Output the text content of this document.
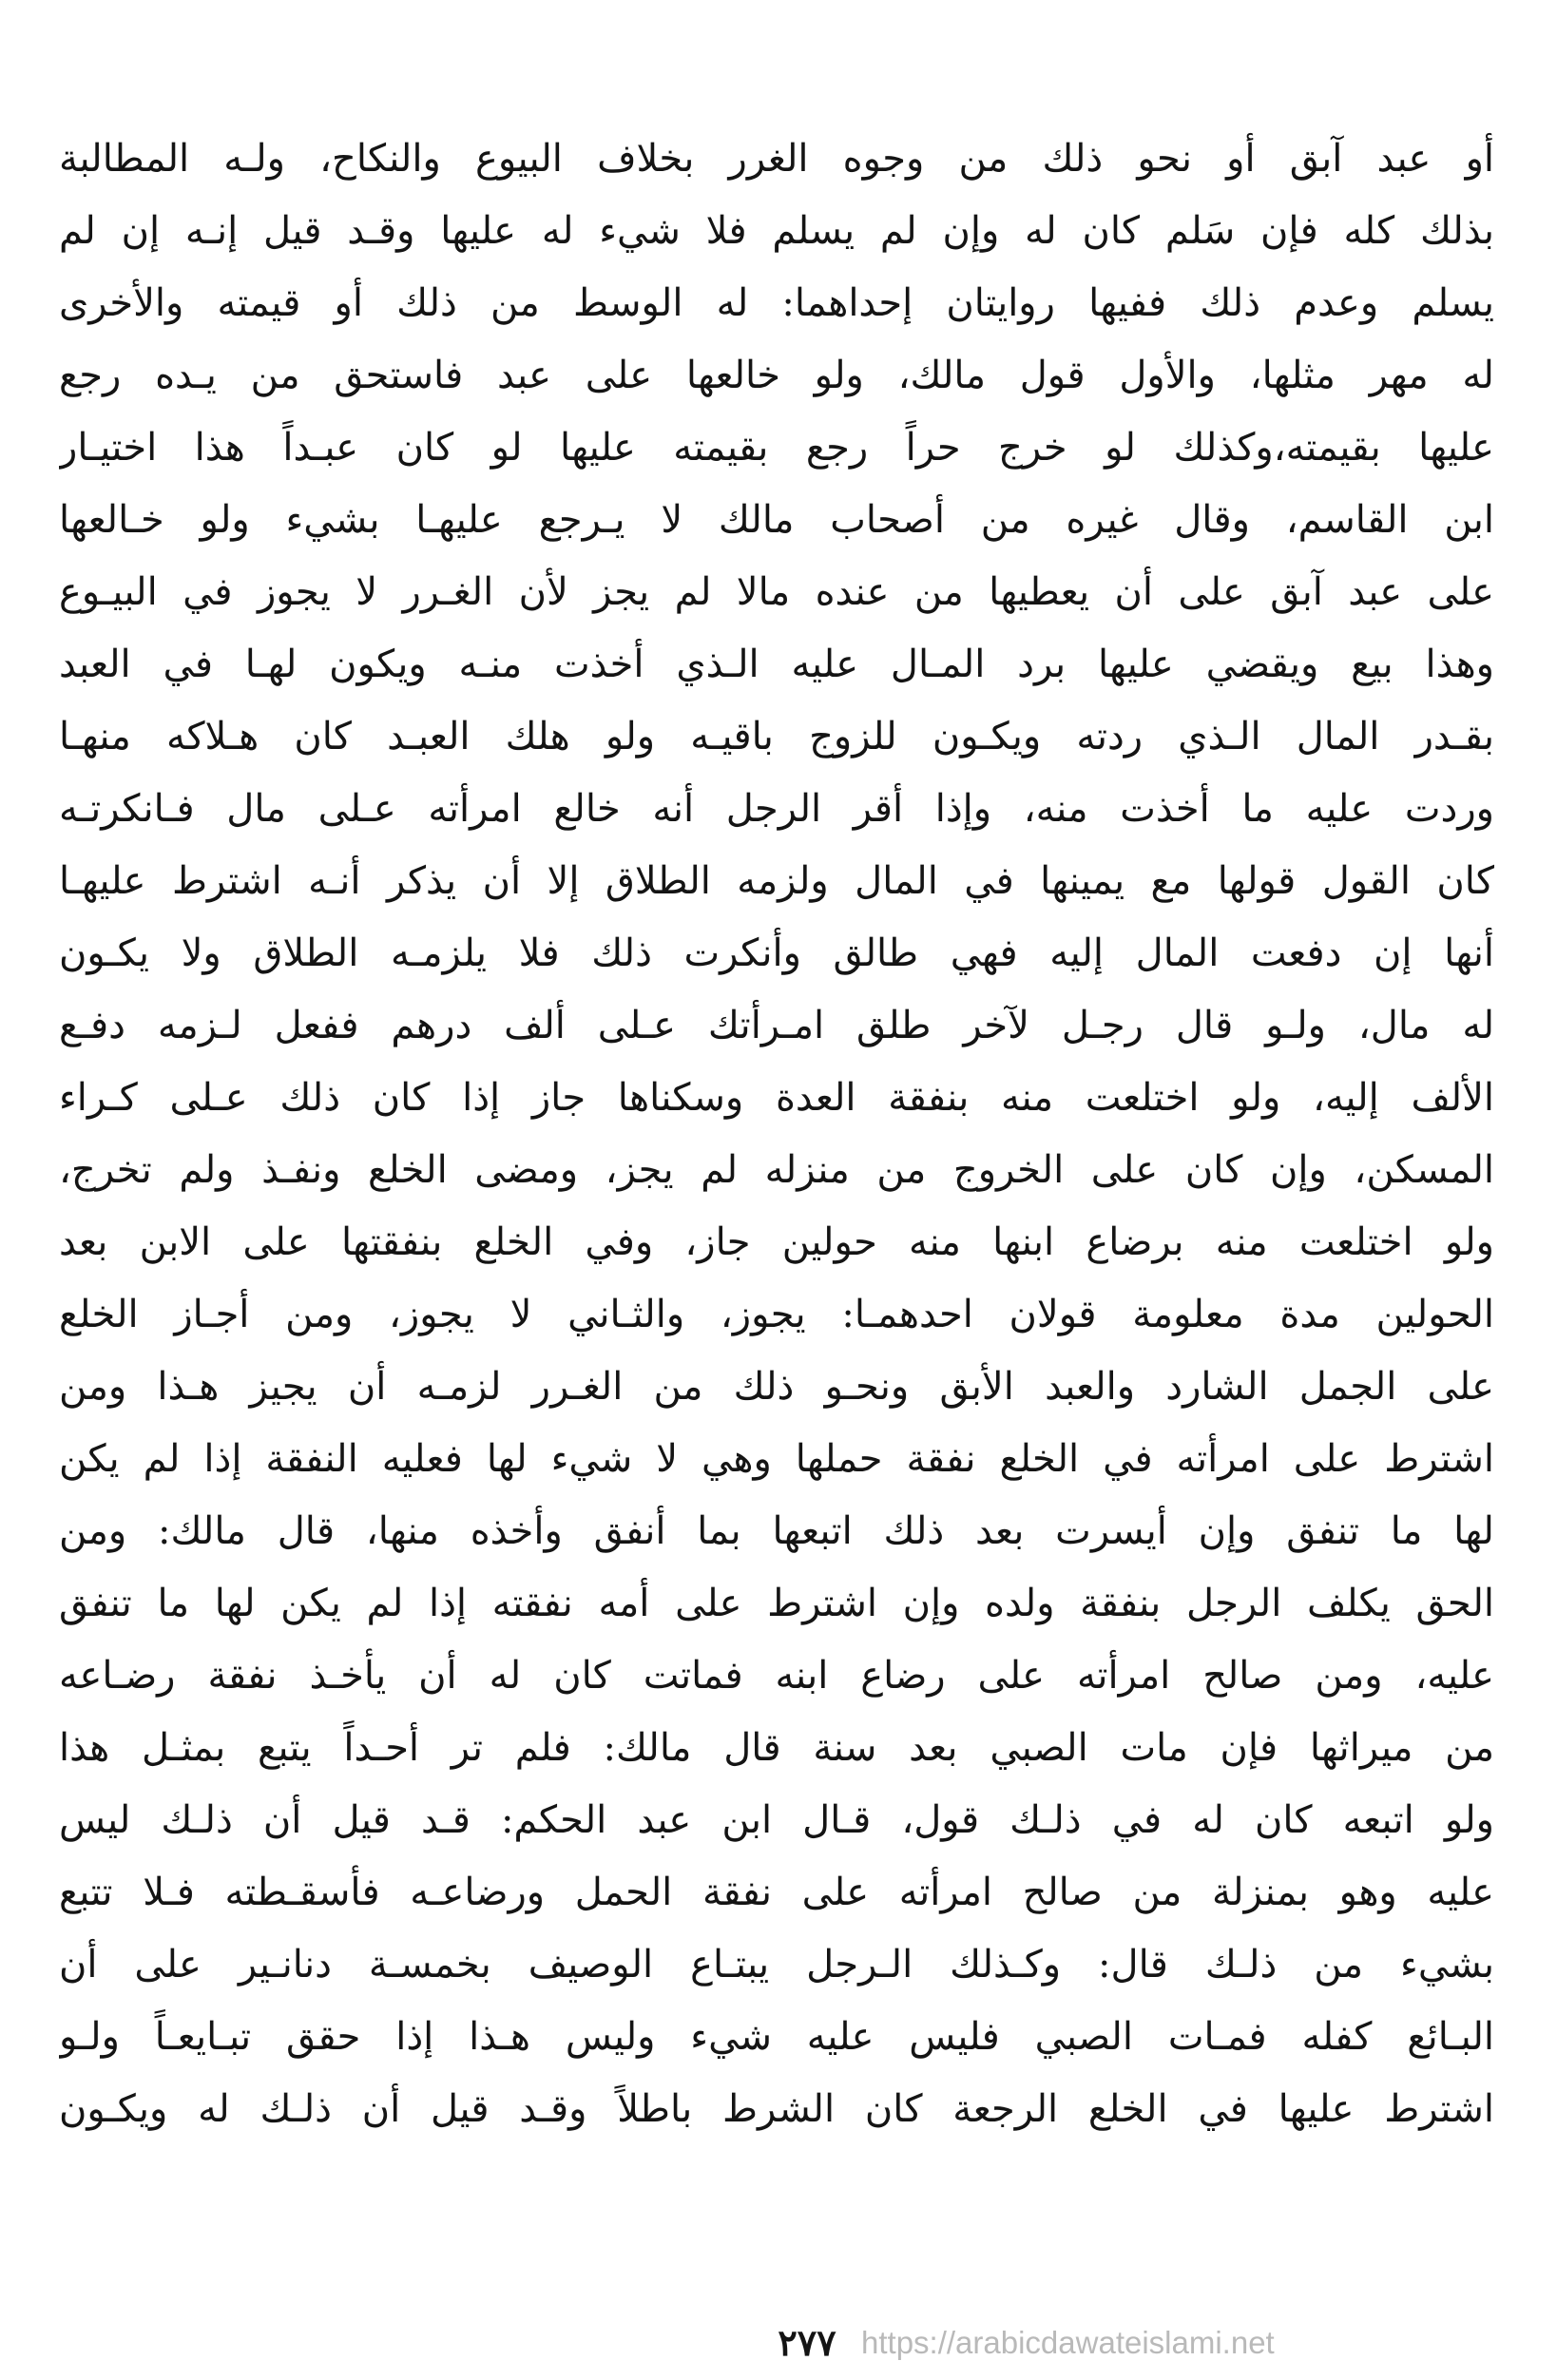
أو عبد آبق أو نحو ذلك من وجوه الغرر بخلاف البيوع والنكاح، ولـه المطالبة
بذلك كله فإن سَلم كان له وإن لم يسلم فلا شيء له عليها وقـد قيل إنـه إن لم
يسلم وعدم ذلك ففيها روايتان إحداهما: له الوسط من ذلك أو قيمته والأخرى
له مهر مثلها، والأول قول مالك، ولو خالعها على عبد فاستحق من يـده رجع
عليها بقيمته،وكذلك لو خرج حراً رجع بقيمته عليها لو كان عبـداً هذا اختيـار
ابن القاسم، وقال غيره من أصحاب مالك لا يـرجع عليهـا بشيء ولو خـالعها
على عبد آبق على أن يعطيها من عنده مالا لم يجز لأن الغـرر لا يجوز في البيـوع
وهذا بيع ويقضي عليها برد المـال عليه الـذي أخذت منـه ويكون لهـا في العبد
بقـدر المال الـذي ردته ويكـون للزوج باقيـه ولو هلك العبـد كان هـلاكه منهـا
وردت عليه ما أخذت منه، وإذا أقر الرجل أنه خالع امرأته عـلى مال فـانكرتـه
كان القول قولها مع يمينها في المال ولزمه الطلاق إلا أن يذكر أنـه اشترط عليهـا
أنها إن دفعت المال إليه فهي طالق وأنكرت ذلك فلا يلزمـه الطلاق ولا يكـون
له مال، ولـو قال رجـل لآخر طلق امـرأتك عـلى ألف درهم ففعل لـزمه دفـع
الألف إليه، ولو اختلعت منه بنفقة العدة وسكناها جاز إذا كان ذلك عـلى كـراء
المسكن، وإن كان على الخروج من منزله لم يجز، ومضى الخلع ونفـذ ولم تخرج،
ولو اختلعت منه برضاع ابنها منه حولين جاز، وفي الخلع بنفقتها على الابن بعد
الحولين مدة معلومة قولان احدهمـا: يجوز، والثـاني لا يجوز، ومن أجـاز الخلع
على الجمل الشارد والعبد الأبق ونحـو ذلك من الغـرر لزمـه أن يجيز هـذا ومن
اشترط على امرأته في الخلع نفقة حملها وهي لا شيء لها فعليه النفقة إذا لم يكن
لها ما تنفق وإن أيسرت بعد ذلك اتبعها بما أنفق وأخذه منها، قال مالك: ومن
الحق يكلف الرجل بنفقة ولده وإن اشترط على أمه نفقته إذا لم يكن لها ما تنفق
عليه، ومن صالح امرأته على رضاع ابنه فماتت كان له أن يأخـذ نفقة رضـاعه
من ميراثها فإن مات الصبي بعد سنة قال مالك: فلم تر أحـداً يتبع بمثـل هذا
ولو اتبعه كان له في ذلـك قول، قـال ابن عبد الحكم: قـد قيل أن ذلـك ليس
عليه وهو بمنزلة من صالح امرأته على نفقة الحمل ورضاعـه فأسقـطته فـلا تتبع
بشيء من ذلـك قال: وكـذلك الـرجل يبتـاع الوصيف بخمسـة دنانـير على أن
البـائع كفله فمـات الصبي فليس عليه شيء وليس هـذا إذا حقق تبـايعـاً ولـو
اشترط عليها في الخلع الرجعة كان الشرط باطلاً وقـد قيل أن ذلـك له ويكـون
٢٧٧ https://arabicdawateislami.net
